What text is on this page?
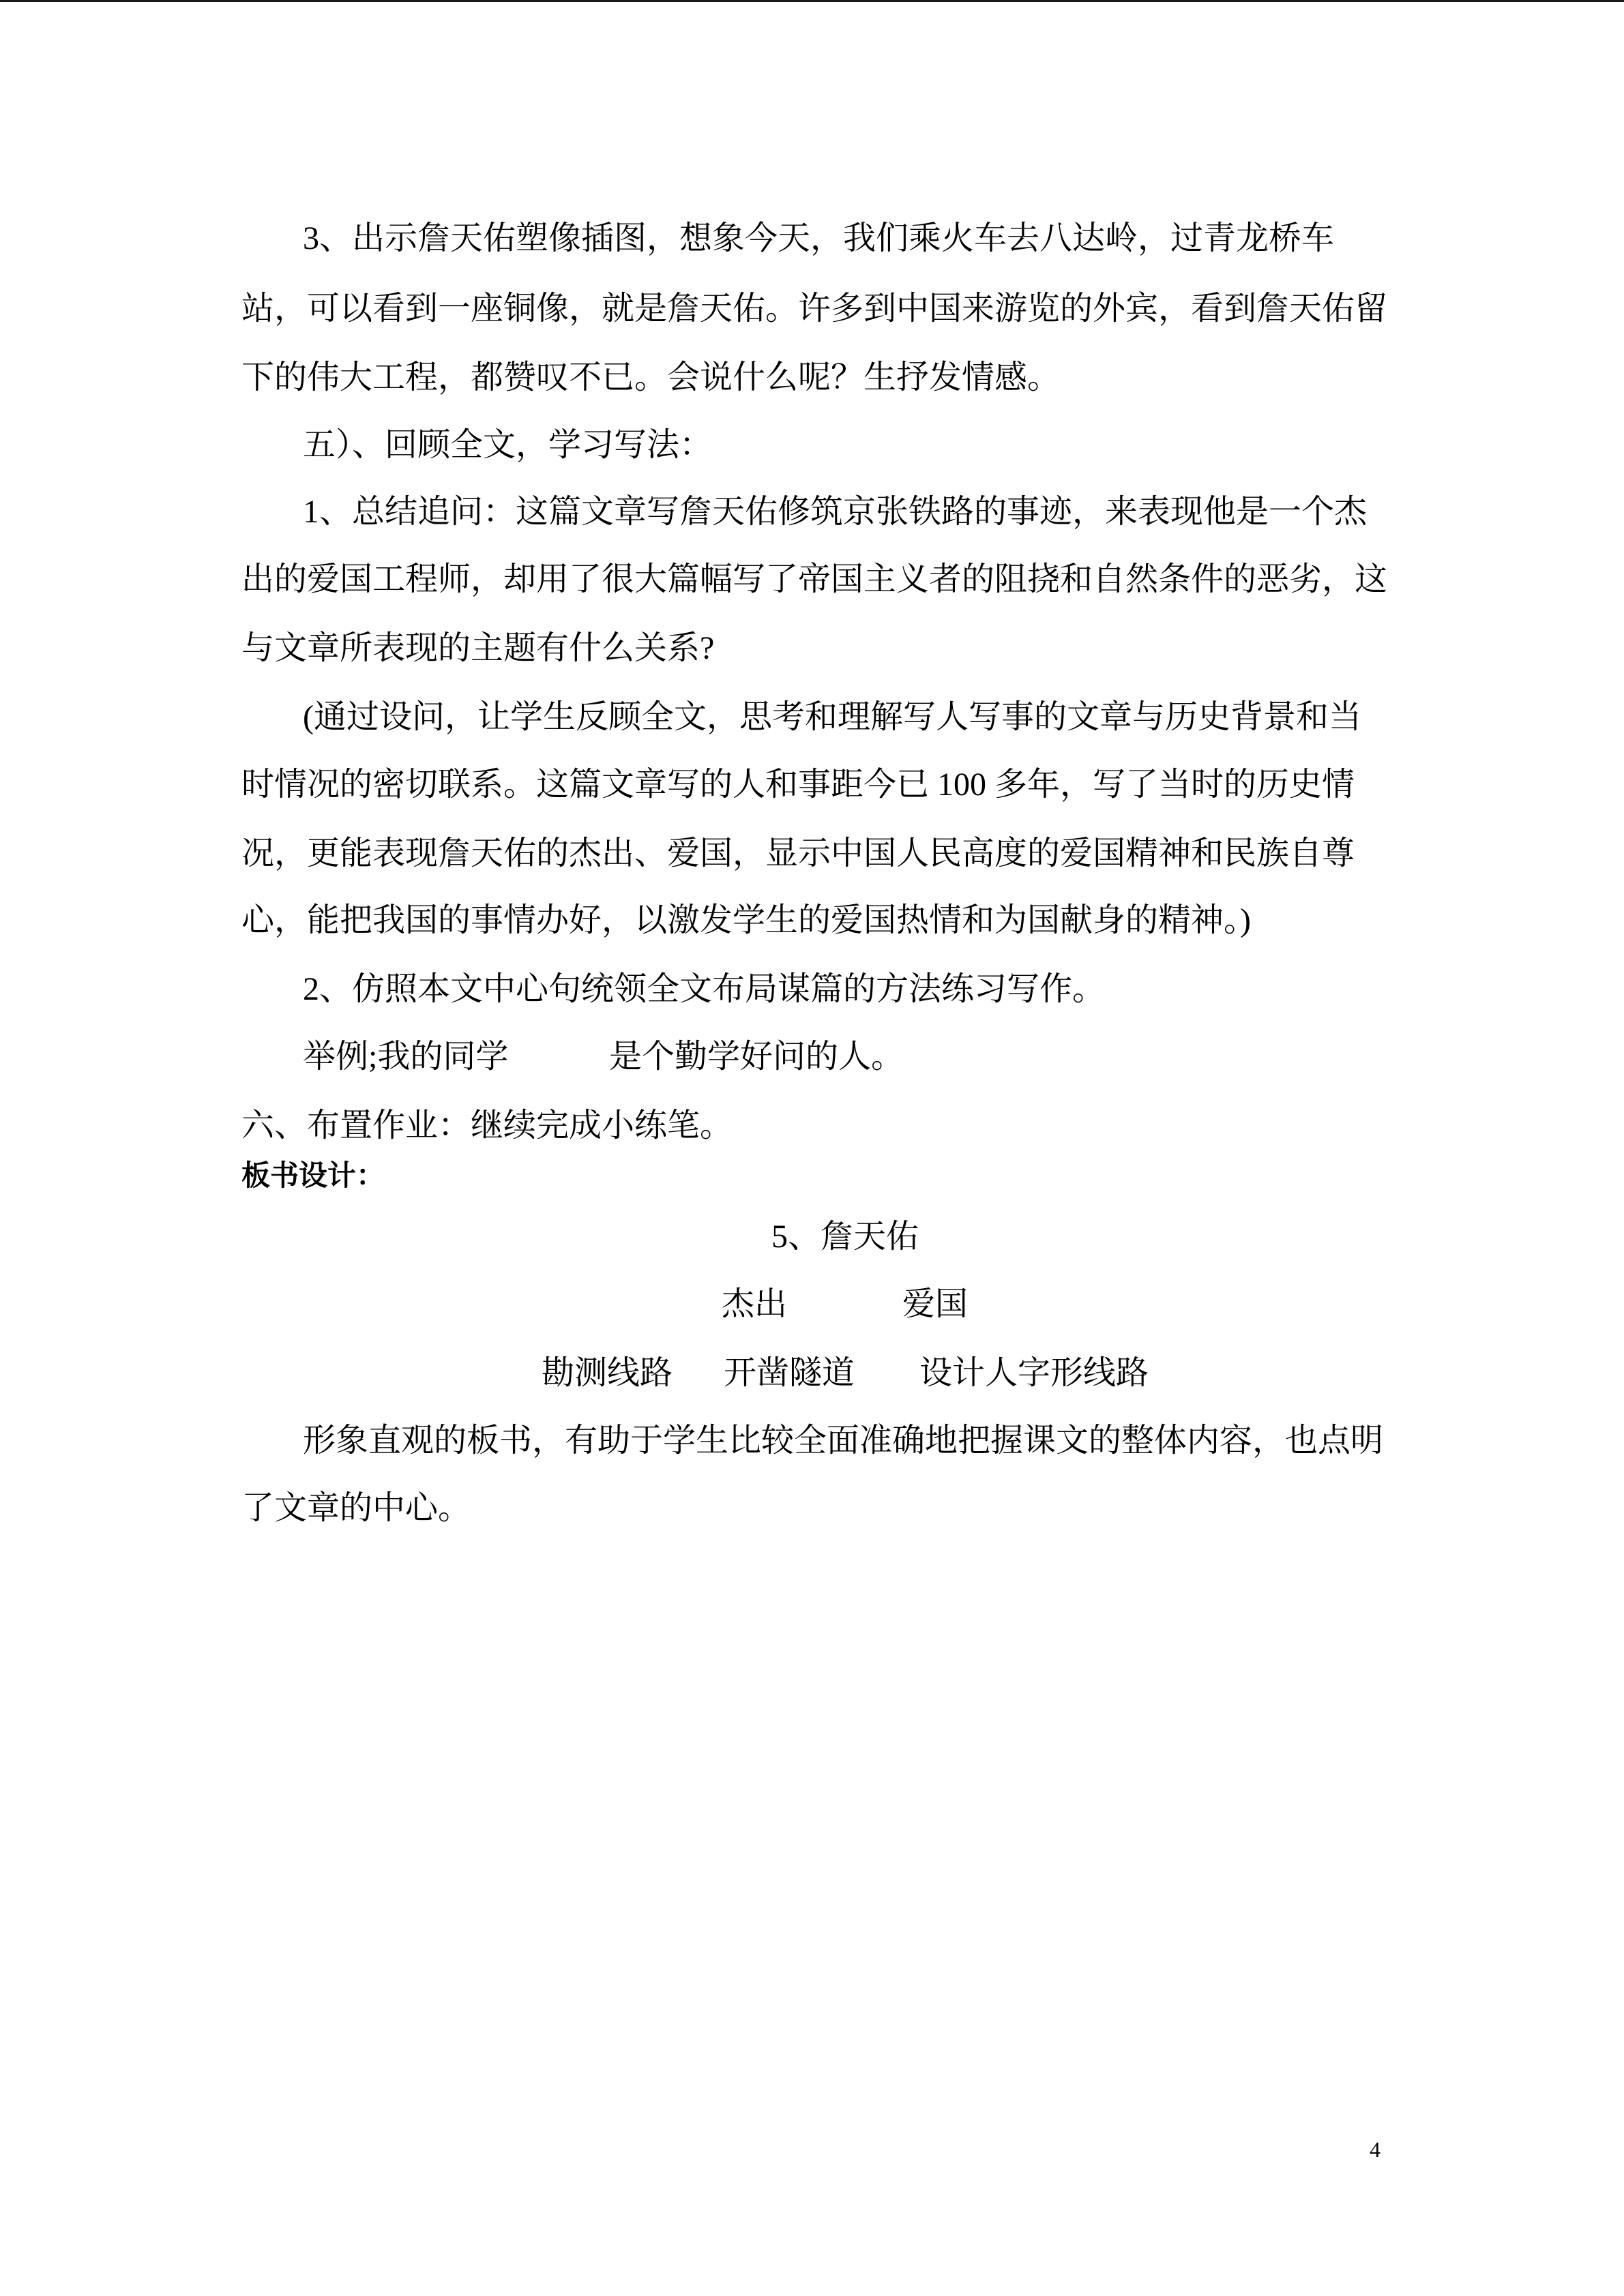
3、出示詹天佑塑像插图，想象今天，我们乘火车去八达岭，过青龙桥车
站，可以看到一座铜像，就是詹天佑。许多到中国来游览的外宾，看到詹天佑留
下的伟大工程，都赞叹不已。会说什么呢？生抒发情感。
五）、回顾全文，学习写法：
1、总结追问：这篇文章写詹天佑修筑京张铁路的事迹，来表现他是一个杰
出的爱国工程师，却用了很大篇幅写了帝国主义者的阻挠和自然条件的恶劣，这
与文章所表现的主题有什么关系?
(通过设问，让学生反顾全文，思考和理解写人写事的文章与历史背景和当
时情况的密切联系。这篇文章写的人和事距今已 100 多年，写了当时的历史情
况，更能表现詹天佑的杰出、爱国，显示中国人民高度的爱国精神和民族自尊
心，能把我国的事情办好，以激发学生的爱国热情和为国献身的精神。)
2、仿照本文中心句统领全文布局谋篇的方法练习写作。
举例;我的同学	是个勤学好问的人。
六、布置作业：继续完成小练笔。
板书设计：
5、詹天佑
杰出	爱国
勘测线路 开凿隧道 设计人字形线路
形象直观的板书，有助于学生比较全面准确地把握课文的整体内容，也点明
了文章的中心。
4
